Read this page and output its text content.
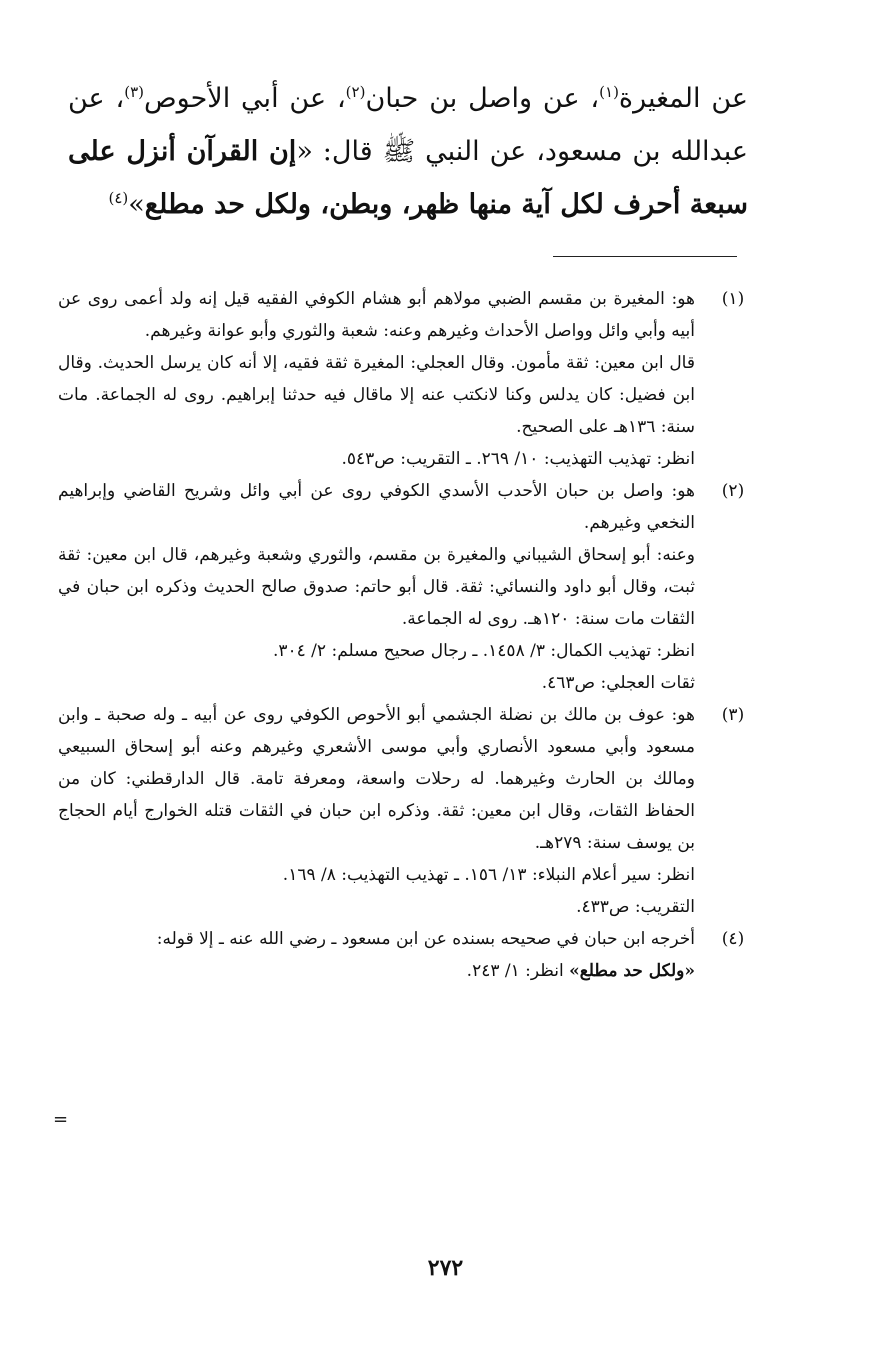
عن المغيرة$^{(١)}$، عن واصل بن حبان$^{(٢)}$، عن أبي الأحوص$^{(٣)}$، عن عبدالله بن مسعود، عن النبي ﷺ قال: «إن القرآن أنزل على سبعة أحرف لكل آية منها ظهر، وبطن، ولكل حد مطلع»$^{(٤)}$
(١)

هو: المغيرة بن مقسم الضبي مولاهم أبو هشام الكوفي الفقيه قيل إنه ولد أعمى روى عن أبيه وأبي وائل وواصل الأحداث وغيرهم وعنه: شعبة والثوري وأبو عوانة وغيرهم.

قال ابن معين: ثقة مأمون. وقال العجلي: المغيرة ثقة فقيه، إلا أنه كان يرسل الحديث. وقال ابن فضيل: كان يدلس وكنا لانكتب عنه إلا ماقال فيه حدثنا إبراهيم. روى له الجماعة. مات سنة: ١٣٦هـ على الصحيح.

انظر: تهذيب التهذيب: ١٠/ ٢٦٩. ـ التقريب: ص٥٤٣.

(٢)

هو: واصل بن حبان الأحدب الأسدي الكوفي روى عن أبي وائل وشريح القاضي وإبراهيم النخعي وغيرهم.

وعنه: أبو إسحاق الشيباني والمغيرة بن مقسم، والثوري وشعبة وغيرهم، قال ابن معين: ثقة ثبت، وقال أبو داود والنسائي: ثقة. قال أبو حاتم: صدوق صالح الحديث وذكره ابن حبان في الثقات مات سنة: ١٢٠هـ. روى له الجماعة.

انظر: تهذيب الكمال: ٣/ ١٤٥٨. ـ رجال صحيح مسلم: ٢/ ٣٠٤.

ثقات العجلي: ص٤٦٣.

(٣)

هو: عوف بن مالك بن نضلة الجشمي أبو الأحوص الكوفي روى عن أبيه ـ وله صحبة ـ وابن مسعود وأبي مسعود الأنصاري وأبي موسى الأشعري وغيرهم وعنه أبو إسحاق السبيعي ومالك بن الحارث وغيرهما. له رحلات واسعة، ومعرفة تامة. قال الدارقطني: كان من الحفاظ الثقات، وقال ابن معين: ثقة. وذكره ابن حبان في الثقات قتله الخوارج أيام الحجاج بن يوسف سنة: ٢٧٩هـ.

انظر: سير أعلام النبلاء: ١٣/ ١٥٦. ـ تهذيب التهذيب: ٨/ ١٦٩.

التقريب: ص٤٣٣.

(٤)

أخرجه ابن حبان في صحيحه بسنده عن ابن مسعود ـ رضي الله عنه ـ إلا قوله:

«ولكل حد مطلع» انظر: ١/ ٢٤٣.

=
٢٧٢
